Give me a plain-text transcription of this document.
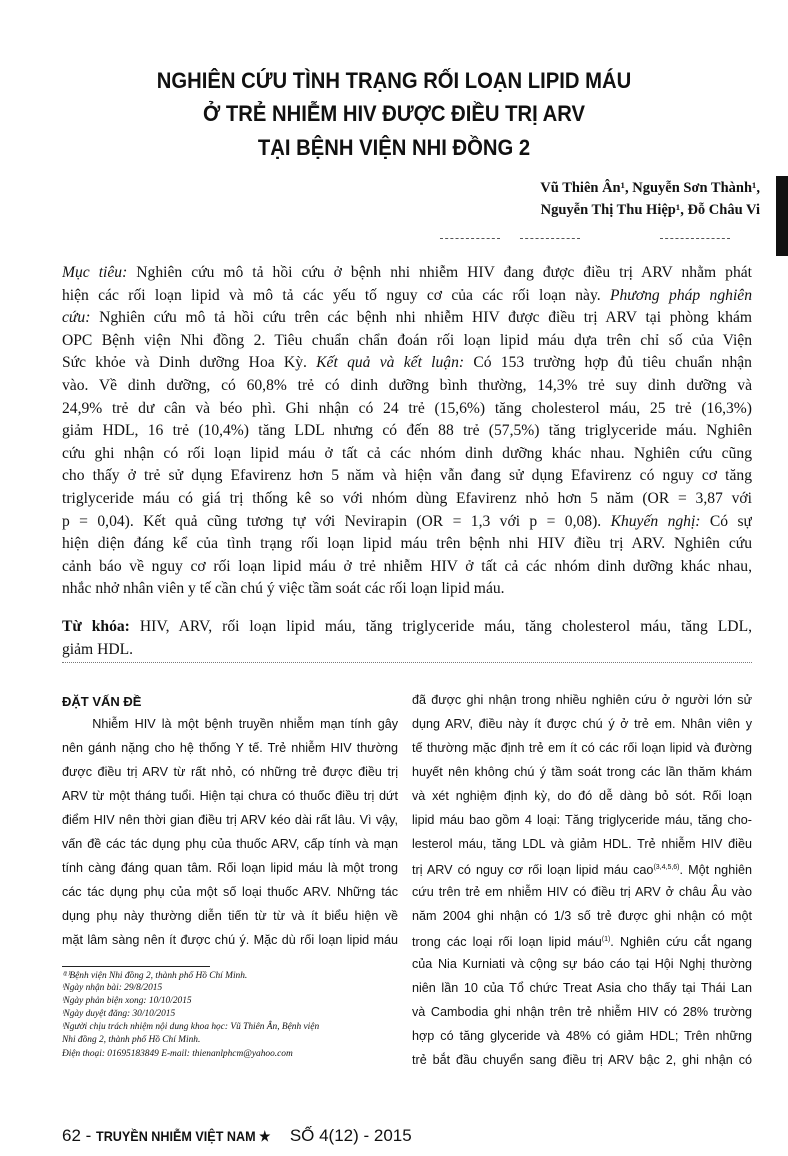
NGHIÊN CỨU TÌNH TRẠNG RỐI LOẠN LIPID MÁU
Ở TRẺ NHIỄM HIV ĐƯỢC ĐIỀU TRỊ ARV
TẠI BỆNH VIỆN NHI ĐỒNG 2
Vũ Thiên Ân¹, Nguyễn Sơn Thành¹,
Nguyễn Thị Thu Hiệp¹, Đỗ Châu Vi
Mục tiêu: Nghiên cứu mô tả hồi cứu ở bệnh nhi nhiễm HIV đang được điều trị ARV nhằm phát
hiện các rối loạn lipid và mô tả các yếu tố nguy cơ của các rối loạn này. Phương pháp nghiên
cứu: Nghiên cứu mô tả hồi cứu trên các bệnh nhi nhiễm HIV được điều trị ARV tại phòng khám
OPC Bệnh viện Nhi đồng 2. Tiêu chuẩn chẩn đoán rối loạn lipid máu dựa trên chỉ số của Viện
Sức khỏe và Dinh dưỡng Hoa Kỳ. Kết quả và kết luận: Có 153 trường hợp đủ tiêu chuẩn nhận
vào. Về dinh dưỡng, có 60,8% trẻ có dinh dưỡng bình thường, 14,3% trẻ suy dinh dưỡng và
24,9% trẻ dư cân và béo phì. Ghi nhận có 24 trẻ (15,6%) tăng cholesterol máu, 25 trẻ (16,3%)
giảm HDL, 16 trẻ (10,4%) tăng LDL nhưng có đến 88 trẻ (57,5%) tăng triglyceride máu. Nghiên
cứu ghi nhận có rối loạn lipid máu ở tất cả các nhóm dinh dưỡng khác nhau. Nghiên cứu cũng
cho thấy ở trẻ sử dụng Efavirenz hơn 5 năm và hiện vẫn đang sử dụng Efavirenz có nguy cơ tăng
triglyceride máu có giá trị thống kê so với nhóm dùng Efavirenz nhỏ hơn 5 năm (OR = 3,87 với
p = 0,04). Kết quả cũng tương tự với Nevirapin (OR = 1,3 với p = 0,08). Khuyến nghị: Có sự
hiện diện đáng kể của tình trạng rối loạn lipid máu trên bệnh nhi HIV điều trị ARV. Nghiên cứu
cảnh báo về nguy cơ rối loạn lipid máu ở trẻ nhiễm HIV ở tất cả các nhóm dinh dưỡng khác nhau,
nhắc nhở nhân viên y tế cần chú ý việc tầm soát các rối loạn lipid máu.
Từ khóa: HIV, ARV, rối loạn lipid máu, tăng triglyceride máu, tăng cholesterol máu, tăng LDL,
giảm HDL.
ĐẶT VẤN ĐỀ
Nhiễm HIV là một bệnh truyền nhiễm mạn tính gây
nên gánh nặng cho hệ thống Y tế. Trẻ nhiễm HIV thường
được điều trị ARV từ rất nhỏ, có những trẻ được điều trị
ARV từ một tháng tuổi. Hiện tại chưa có thuốc điều trị dứt
điểm HIV nên thời gian điều trị ARV kéo dài rất lâu. Vì vậy,
vấn đề các tác dụng phụ của thuốc ARV, cấp tính và mạn
tính càng đáng quan tâm. Rối loạn lipid máu là một trong
các tác dụng phụ của một số loại thuốc ARV. Những tác
dụng phụ này thường diễn tiến từ từ và ít biểu hiện về
mặt lâm sàng nên ít được chú ý. Mặc dù rối loạn lipid máu
đã được ghi nhận trong nhiều nghiên cứu ở người lớn sử
dụng ARV, điều này ít được chú ý ở trẻ em. Nhân viên y
tế thường mặc định trẻ em ít có các rối loạn lipid và đường
huyết nên không chú ý tầm soát trong các lần thăm khám
và xét nghiệm định kỳ, do đó dễ dàng bỏ sót. Rối loạn
lipid máu bao gồm 4 loại: Tăng triglyceride máu, tăng cho-
lesterol máu, tăng LDL và giảm HDL. Trẻ nhiễm HIV điều
trị ARV có nguy cơ rối loạn lipid máu cao$^{(3,4,5,6)}$. Một nghiên
cứu trên trẻ em nhiễm HIV có điều trị ARV ở châu Âu vào
năm 2004 ghi nhận có 1/3 số trẻ được ghi nhận có một
trong các loại rối loạn lipid máu$^{(1)}$. Nghiên cứu cắt ngang
của Nia Kurniati và cộng sự báo cáo tại Hội Nghị thường
niên lần 10 của Tổ chức Treat Asia cho thấy tại Thái Lan
và Cambodia ghi nhận trên trẻ nhiễm HIV có 28% trường
hợp có tăng glyceride và 48% có giảm HDL; Trên những
trẻ bắt đầu chuyển sang điều trị ARV bậc 2, ghi nhận có
⁽¹⁾Bệnh viện Nhi đồng 2, thành phố Hồ Chí Minh.
ᶦNgày nhận bài: 29/8/2015
ᶦNgày phản biện xong: 10/10/2015
ᶦNgày duyệt đăng: 30/10/2015
ᶦNgười chịu trách nhiệm nội dung khoa học: Vũ Thiên Ân, Bệnh viện
Nhi đồng 2, thành phố Hồ Chí Minh.
Điện thoại: 01695183849 E-mail: thienanlphcm@yahoo.com
62 - TRUYỀN NHIỄM VIỆT NAM ★SỐ 4(12) - 2015
